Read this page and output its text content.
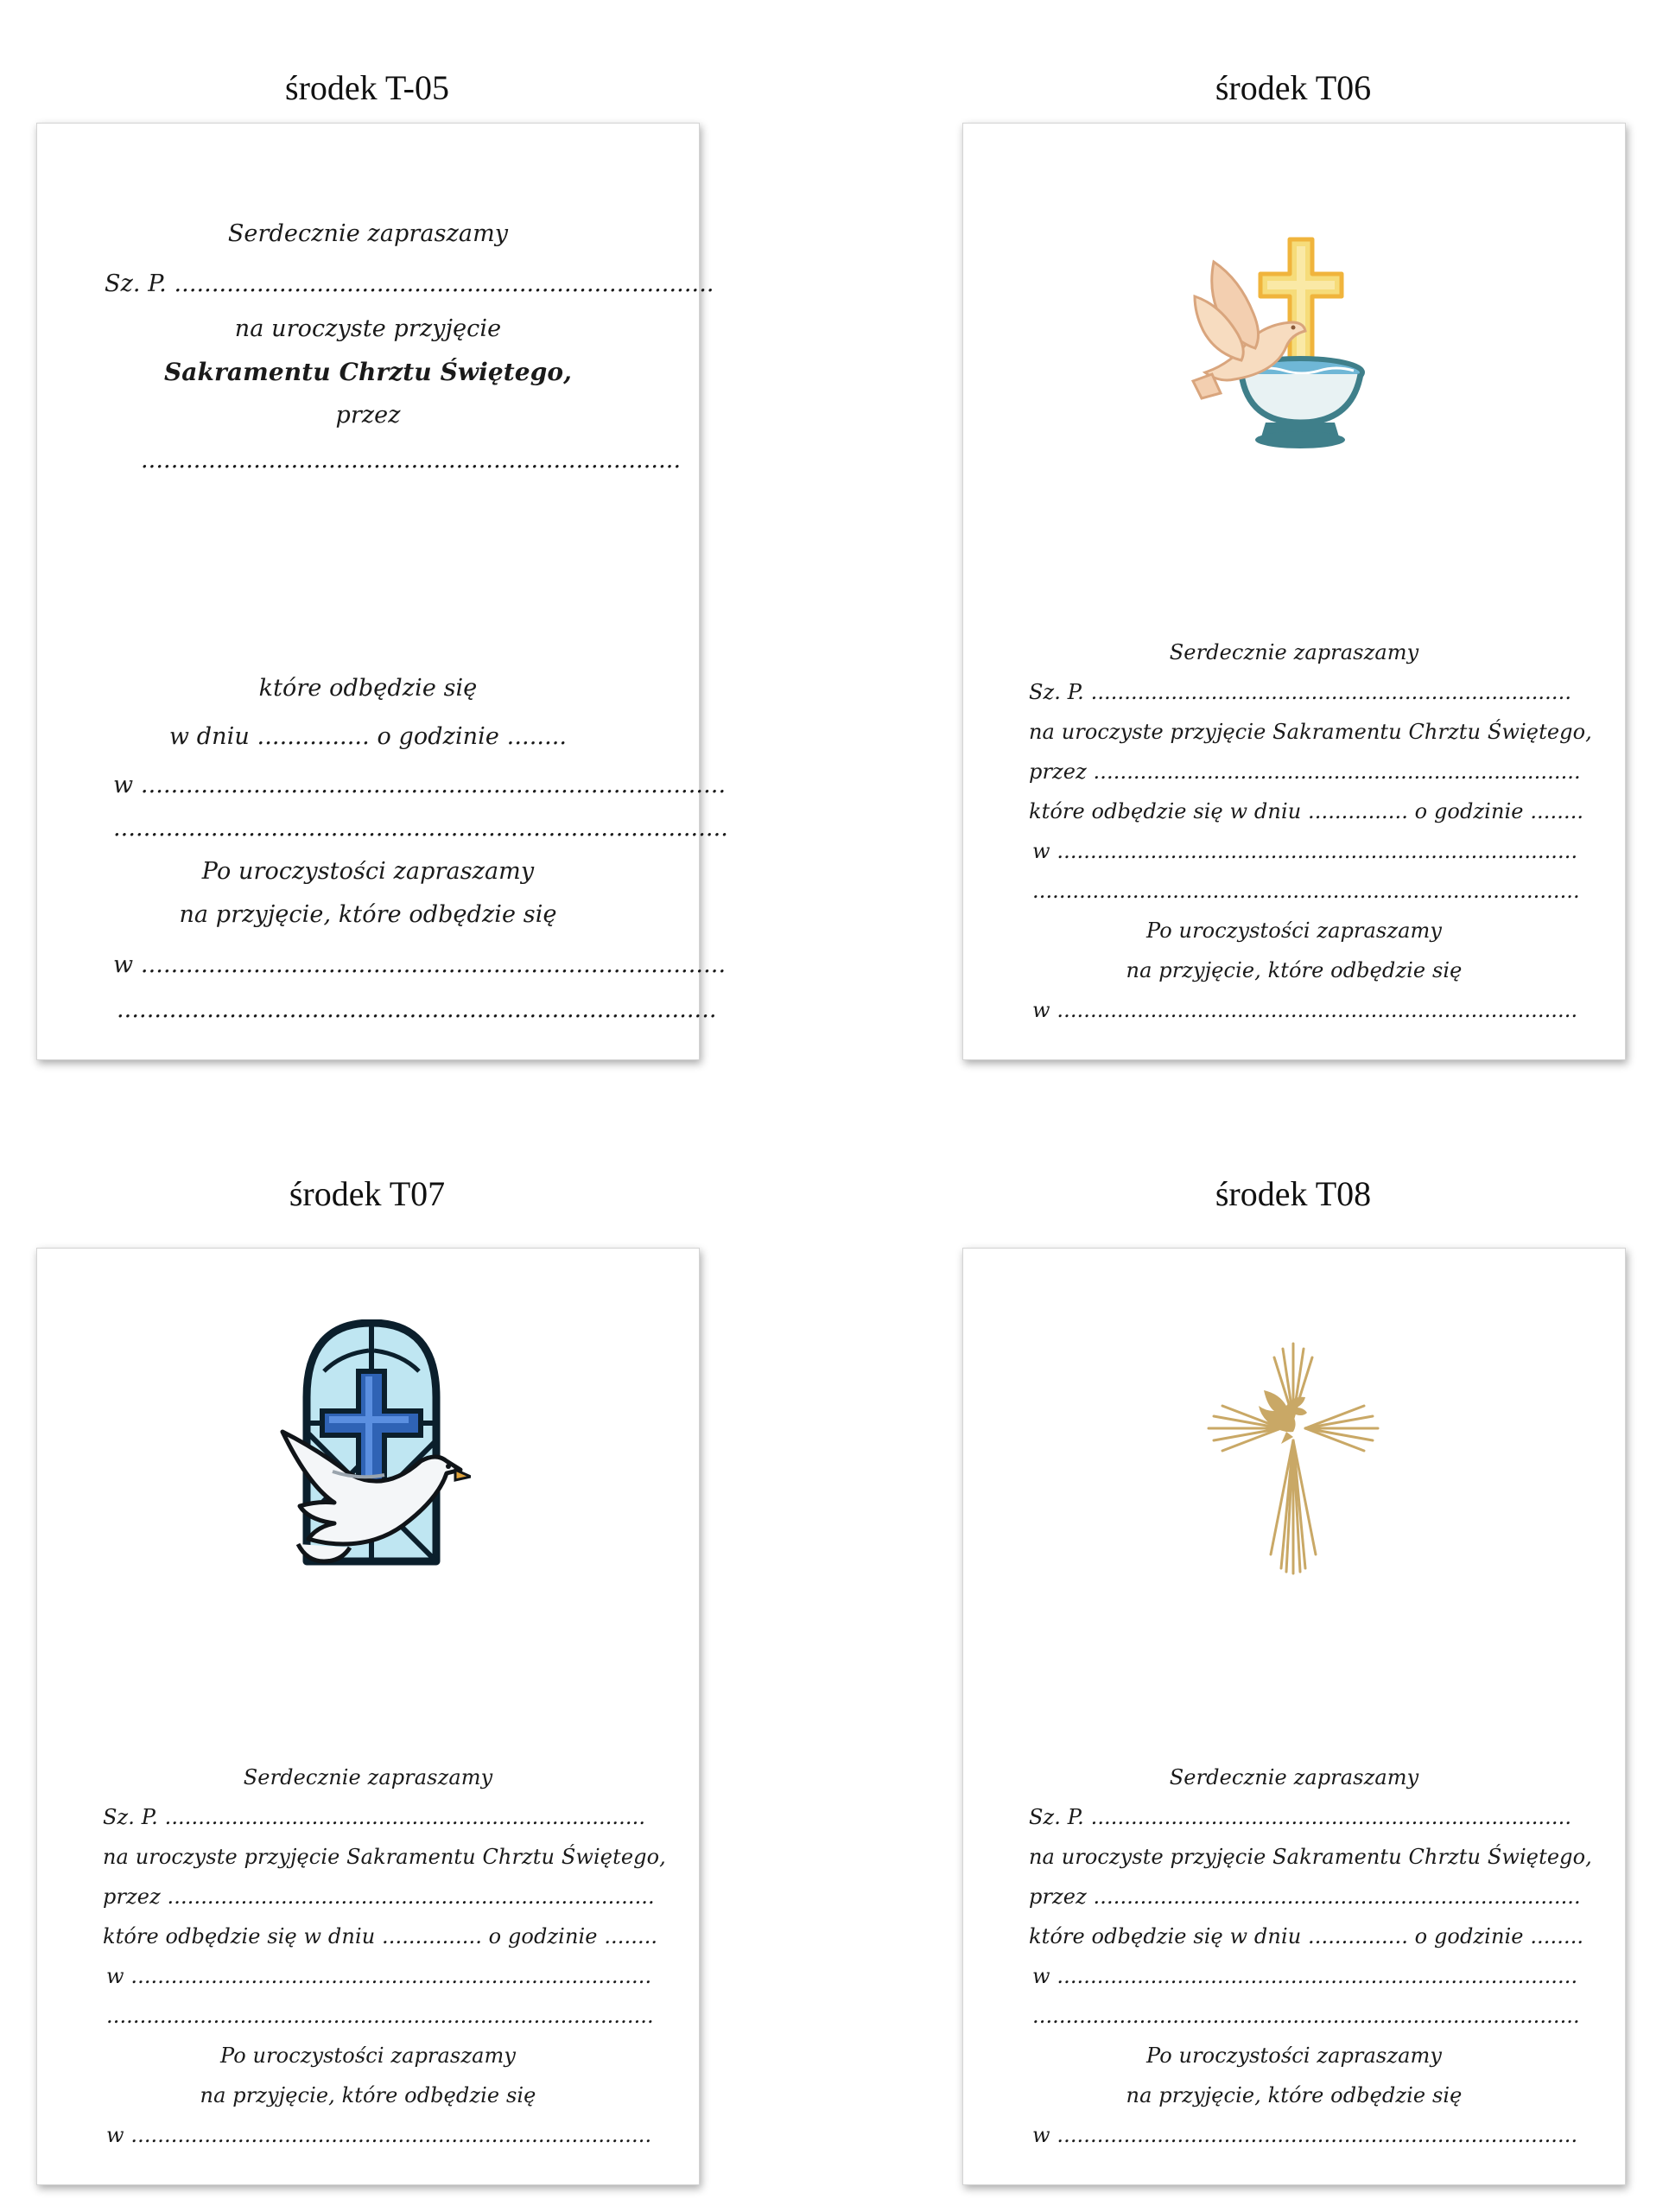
środek T-05
Serdecznie zapraszamy
Sz. P. ........................................................................
na uroczyste przyjęcie
Sakramentu Chrztu Świętego,
przez
........................................................................
które odbędzie się
w dniu ............... o godzinie ........
w ..............................................................................
..................................................................................
Po uroczystości zapraszamy
na przyjęcie, które odbędzie się
w ..............................................................................
................................................................................
środek T06
Serdecznie zapraszamy
Sz. P. ........................................................................
na uroczyste przyjęcie Sakramentu Chrztu Świętego,
przez .........................................................................
które odbędzie się w dniu ............... o godzinie ........
w ..............................................................................
..................................................................................
Po uroczystości zapraszamy
na przyjęcie, które odbędzie się
w ..............................................................................
środek T07
Serdecznie zapraszamy
Sz. P. ........................................................................
na uroczyste przyjęcie Sakramentu Chrztu Świętego,
przez .........................................................................
które odbędzie się w dniu ............... o godzinie ........
w ..............................................................................
..................................................................................
Po uroczystości zapraszamy
na przyjęcie, które odbędzie się
w ..............................................................................
środek T08
Serdecznie zapraszamy
Sz. P. ........................................................................
na uroczyste przyjęcie Sakramentu Chrztu Świętego,
przez .........................................................................
które odbędzie się w dniu ............... o godzinie ........
w ..............................................................................
..................................................................................
Po uroczystości zapraszamy
na przyjęcie, które odbędzie się
w ..............................................................................
